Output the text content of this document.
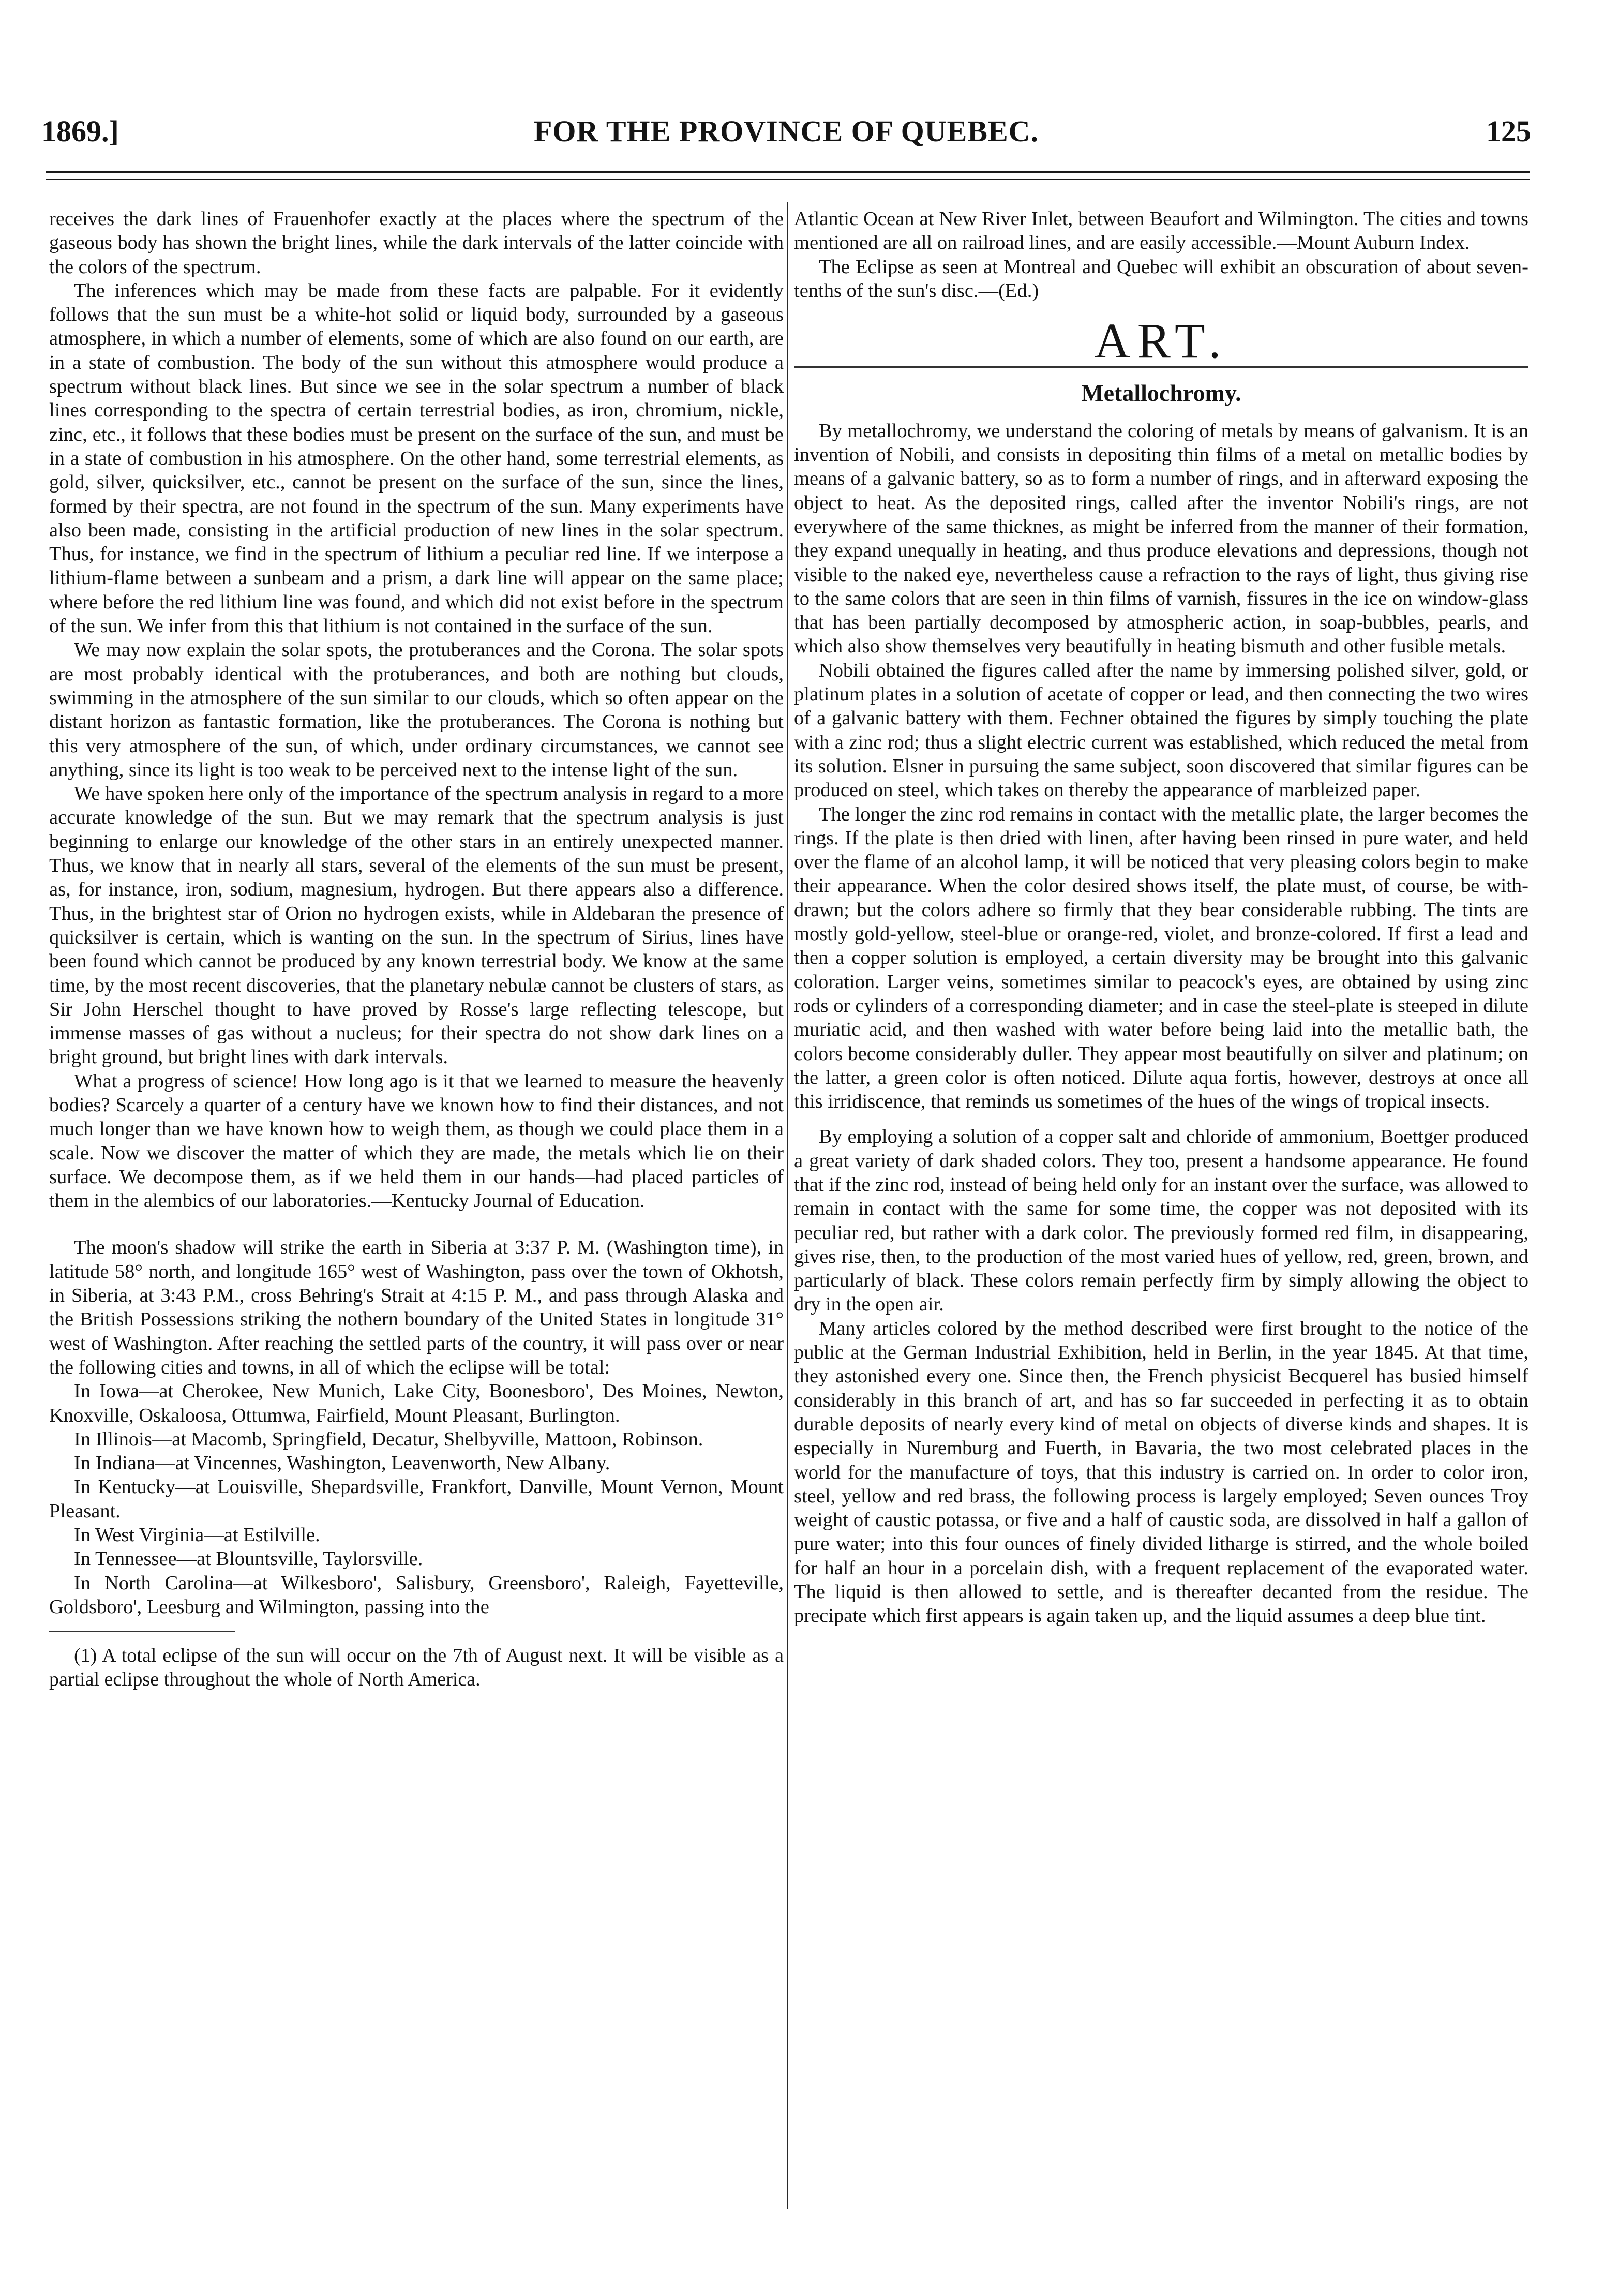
1869.]	FOR THE PROVINCE OF QUEBEC.	125

receives the dark lines of Frauenhofer exactly at the places where the spectrum of the gaseous body has shown the bright lines, while the dark intervals of the latter coincide with the colors of the spectrum.

The inferences which may be made from these facts are palpable. For it evidently follows that the sun must be a white-hot solid or liquid body, surrounded by a gaseous atmosphere, in which a number of elements, some of which are also found on our earth, are in a state of combustion. The body of the sun without this atmosphere would produce a spectrum without black lines. But since we see in the solar spectrum a number of black lines corresponding to the spectra of certain terrestrial bodies, as iron, chromium, nickle, zinc, etc., it follows that these bodies must be present on the surface of the sun, and must be in a state of combustion in his atmosphere. On the other hand, some terrestrial elements, as gold, silver, quicksilver, etc., cannot be present on the surface of the sun, since the lines, formed by their spectra, are not found in the spectrum of the sun. Many experiments have also been made, consisting in the artificial production of new lines in the solar spectrum. Thus, for instance, we find in the spectrum of lithium a peculiar red line. If we interpose a lithium-flame between a sunbeam and a prism, a dark line will appear on the same place; where before the red lithium line was found, and which did not exist before in the spectrum of the sun. We infer from this that lithium is not contained in the surface of the sun.

We may now explain the solar spots, the protuberances and the Corona. The solar spots are most probably identical with the protuberances, and both are nothing but clouds, swimming in the atmosphere of the sun similar to our clouds, which so often appear on the distant horizon as fantastic formation, like the protuberances. The Corona is nothing but this very atmosphere of the sun, of which, under ordinary circumstances, we cannot see anything, since its light is too weak to be perceived next to the intense light of the sun.

We have spoken here only of the importance of the spectrum analysis in regard to a more accurate knowledge of the sun. But we may remark that the spectrum analysis is just beginning to enlarge our knowledge of the other stars in an entirely unexpected manner. Thus, we know that in nearly all stars, several of the elements of the sun must be present, as, for instance, iron, sodium, magnesium, hydrogen. But there appears also a difference. Thus, in the brightest star of Orion no hydrogen exists, while in Aldebaran the presence of quicksilver is certain, which is wanting on the sun. In the spectrum of Sirius, lines have been found which cannot be produced by any known terrestrial body. We know at the same time, by the most recent discoveries, that the planetary nebulæ cannot be clusters of stars, as Sir John Herschel thought to have proved by Rosse's large reflecting telescope, but immense masses of gas without a nucleus; for their spectra do not show dark lines on a bright ground, but bright lines with dark intervals.

What a progress of science! How long ago is it that we learned to measure the heavenly bodies? Scarcely a quarter of a century have we known how to find their distances, and not much longer than we have known how to weigh them, as though we could place them in a scale. Now we discover the matter of which they are made, the metals which lie on their surface. We decompose them, as if we held them in our hands—had placed particles of them in the alembics of our laboratories.—Kentucky Journal of Education.

The moon's shadow will strike the earth in Siberia at 3:37 P. M. (Washington time), in latitude 58° north, and longitude 165° west of Washington, pass over the town of Okhotsh, in Siberia, at 3:43 P.M., cross Behring's Strait at 4:15 P. M., and pass through Alaska and the British Possessions striking the nothern boundary of the United States in longitude 31° west of Washington. After reaching the settled parts of the country, it will pass over or near the following cities and towns, in all of which the eclipse will be total:

In Iowa—at Cherokee, New Munich, Lake City, Boonesboro', Des Moines, Newton, Knoxville, Oskaloosa, Ottumwa, Fairfield, Mount Pleasant, Burlington.

In Illinois—at Macomb, Springfield, Decatur, Shelbyville, Mattoon, Robinson.

In Indiana—at Vincennes, Washington, Leavenworth, New Albany.

In Kentucky—at Louisville, Shepardsville, Frankfort, Danville, Mount Vernon, Mount Pleasant.

In West Virginia—at Estilville.

In Tennessee—at Blountsville, Taylorsville.

In North Carolina—at Wilkesboro', Salisbury, Greensboro', Raleigh, Fayetteville, Goldsboro', Leesburg and Wilmington, passing into the

(1) A total eclipse of the sun will occur on the 7th of August next. It will be visible as a partial eclipse throughout the whole of North America.

Atlantic Ocean at New River Inlet, between Beaufort and Wilmington. The cities and towns mentioned are all on railroad lines, and are easily accessible.—Mount Auburn Index.

The Eclipse as seen at Montreal and Quebec will exhibit an obscuration of about seven-tenths of the sun's disc.—(Ed.)

ART.
Metallochromy.

By metallochromy, we understand the coloring of metals by means of galvanism. It is an invention of Nobili, and consists in depositing thin films of a metal on metallic bodies by means of a galvanic battery, so as to form a number of rings, and in afterward exposing the object to heat. As the deposited rings, called after the inventor Nobili's rings, are not everywhere of the same thicknes, as might be inferred from the manner of their formation, they expand unequally in heating, and thus produce elevations and depressions, though not visible to the naked eye, nevertheless cause a refraction to the rays of light, thus giving rise to the same colors that are seen in thin films of varnish, fissures in the ice on window-glass that has been partially decomposed by atmospheric action, in soap-bubbles, pearls, and which also show themselves very beautifully in heating bismuth and other fusible metals.

Nobili obtained the figures called after the name by immersing polished silver, gold, or platinum plates in a solution of acetate of copper or lead, and then connecting the two wires of a galvanic battery with them. Fechner obtained the figures by simply touching the plate with a zinc rod; thus a slight electric current was established, which reduced the metal from its solution. Elsner in pursuing the same subject, soon discovered that similar figures can be produced on steel, which takes on thereby the appearance of marbleized paper.

The longer the zinc rod remains in contact with the metallic plate, the larger becomes the rings. If the plate is then dried with linen, after having been rinsed in pure water, and held over the flame of an alcohol lamp, it will be noticed that very pleasing colors begin to make their appearance. When the color desired shows itself, the plate must, of course, be with-drawn; but the colors adhere so firmly that they bear considerable rubbing. The tints are mostly gold-yellow, steel-blue or orange-red, violet, and bronze-colored. If first a lead and then a copper solution is employed, a certain diversity may be brought into this galvanic coloration. Larger veins, sometimes similar to peacock's eyes, are obtained by using zinc rods or cylinders of a corresponding diameter; and in case the steel-plate is steeped in dilute muriatic acid, and then washed with water before being laid into the metallic bath, the colors become considerably duller. They appear most beautifully on silver and platinum; on the latter, a green color is often noticed. Dilute aqua fortis, however, destroys at once all this irridiscence, that reminds us sometimes of the hues of the wings of tropical insects.

By employing a solution of a copper salt and chloride of ammonium, Boettger produced a great variety of dark shaded colors. They too, present a handsome appearance. He found that if the zinc rod, instead of being held only for an instant over the surface, was allowed to remain in contact with the same for some time, the copper was not deposited with its peculiar red, but rather with a dark color. The previously formed red film, in disappearing, gives rise, then, to the production of the most varied hues of yellow, red, green, brown, and particularly of black. These colors remain perfectly firm by simply allowing the object to dry in the open air.

Many articles colored by the method described were first brought to the notice of the public at the German Industrial Exhibition, held in Berlin, in the year 1845. At that time, they astonished every one. Since then, the French physicist Becquerel has busied himself considerably in this branch of art, and has so far succeeded in perfecting it as to obtain durable deposits of nearly every kind of metal on objects of diverse kinds and shapes. It is especially in Nuremburg and Fuerth, in Bavaria, the two most celebrated places in the world for the manufacture of toys, that this industry is carried on. In order to color iron, steel, yellow and red brass, the following process is largely employed; Seven ounces Troy weight of caustic potassa, or five and a half of caustic soda, are dissolved in half a gallon of pure water; into this four ounces of finely divided litharge is stirred, and the whole boiled for half an hour in a porcelain dish, with a frequent replacement of the evaporated water. The liquid is then allowed to settle, and is thereafter decanted from the residue. The precipate which first appears is again taken up, and the liquid assumes a deep blue tint.
